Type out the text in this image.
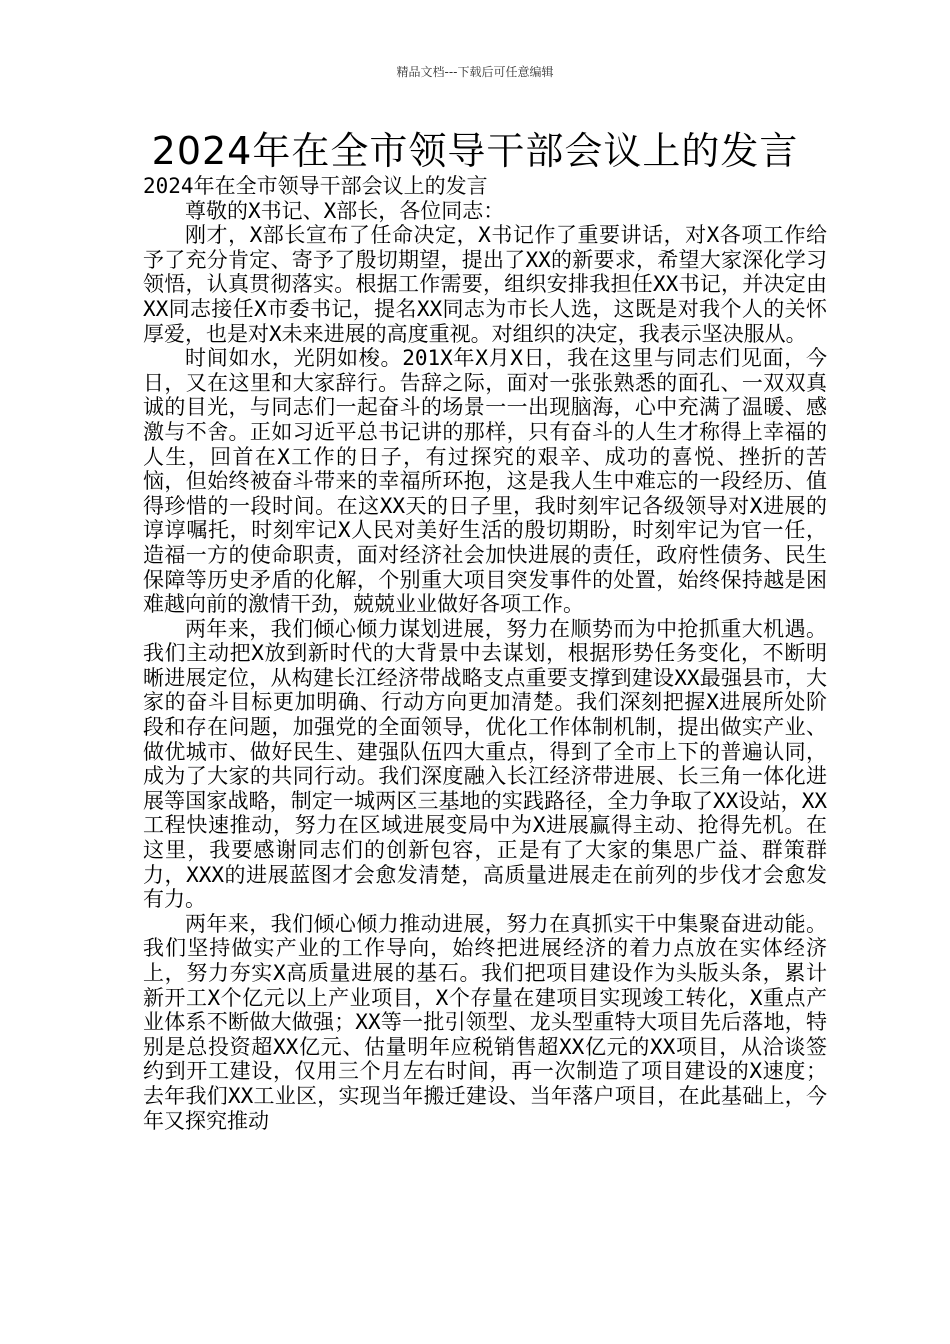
精品文档---下载后可任意编辑
2024年在全市领导干部会议上的发言

2024年在全市领导干部会议上的发言

尊敬的X书记、X部长，各位同志：

刚才，X部长宣布了任命决定，X书记作了重要讲话，对X各项工作给予了充分肯定、寄予了殷切期望，提出了XX的新要求，希望大家深化学习领悟，认真贯彻落实。根据工作需要，组织安排我担任XX书记，并决定由XX同志接任X市委书记，提名XX同志为市长人选，这既是对我个人的关怀厚爱，也是对X未来进展的高度重视。对组织的决定，我表示坚决服从。

时间如水，光阴如梭。201X年X月X日，我在这里与同志们见面，今日，又在这里和大家辞行。告辞之际，面对一张张熟悉的面孔、一双双真诚的目光，与同志们一起奋斗的场景一一出现脑海，心中充满了温暖、感激与不舍。正如习近平总书记讲的那样，只有奋斗的人生才称得上幸福的人生，回首在X工作的日子，有过探究的艰辛、成功的喜悦、挫折的苦恼，但始终被奋斗带来的幸福所环抱，这是我人生中难忘的一段经历、值得珍惜的一段时间。在这XX天的日子里，我时刻牢记各级领导对X进展的谆谆嘱托，时刻牢记X人民对美好生活的殷切期盼，时刻牢记为官一任，造福一方的使命职责，面对经济社会加快进展的责任，政府性债务、民生保障等历史矛盾的化解，个别重大项目突发事件的处置，始终保持越是困难越向前的激情干劲，兢兢业业做好各项工作。

两年来，我们倾心倾力谋划进展，努力在顺势而为中抢抓重大机遇。我们主动把X放到新时代的大背景中去谋划，根据形势任务变化，不断明晰进展定位，从构建长江经济带战略支点重要支撑到建设XX最强县市，大家的奋斗目标更加明确、行动方向更加清楚。我们深刻把握X进展所处阶段和存在问题，加强党的全面领导，优化工作体制机制，提出做实产业、做优城市、做好民生、建强队伍四大重点，得到了全市上下的普遍认同，成为了大家的共同行动。我们深度融入长江经济带进展、长三角一体化进展等国家战略，制定一城两区三基地的实践路径，全力争取了XX设站，XX工程快速推动，努力在区域进展变局中为X进展赢得主动、抢得先机。在这里，我要感谢同志们的创新包容，正是有了大家的集思广益、群策群力，XXX的进展蓝图才会愈发清楚，高质量进展走在前列的步伐才会愈发有力。

两年来，我们倾心倾力推动进展，努力在真抓实干中集聚奋进动能。我们坚持做实产业的工作导向，始终把进展经济的着力点放在实体经济上，努力夯实X高质量进展的基石。我们把项目建设作为头版头条，累计新开工X个亿元以上产业项目，X个存量在建项目实现竣工转化，X重点产业体系不断做大做强；XX等一批引领型、龙头型重特大项目先后落地，特别是总投资超XX亿元、估量明年应税销售超XX亿元的XX项目，从洽谈签约到开工建设，仅用三个月左右时间，再一次制造了项目建设的X速度；去年我们XX工业区，实现当年搬迁建设、当年落户项目，在此基础上，今年又探究推动
